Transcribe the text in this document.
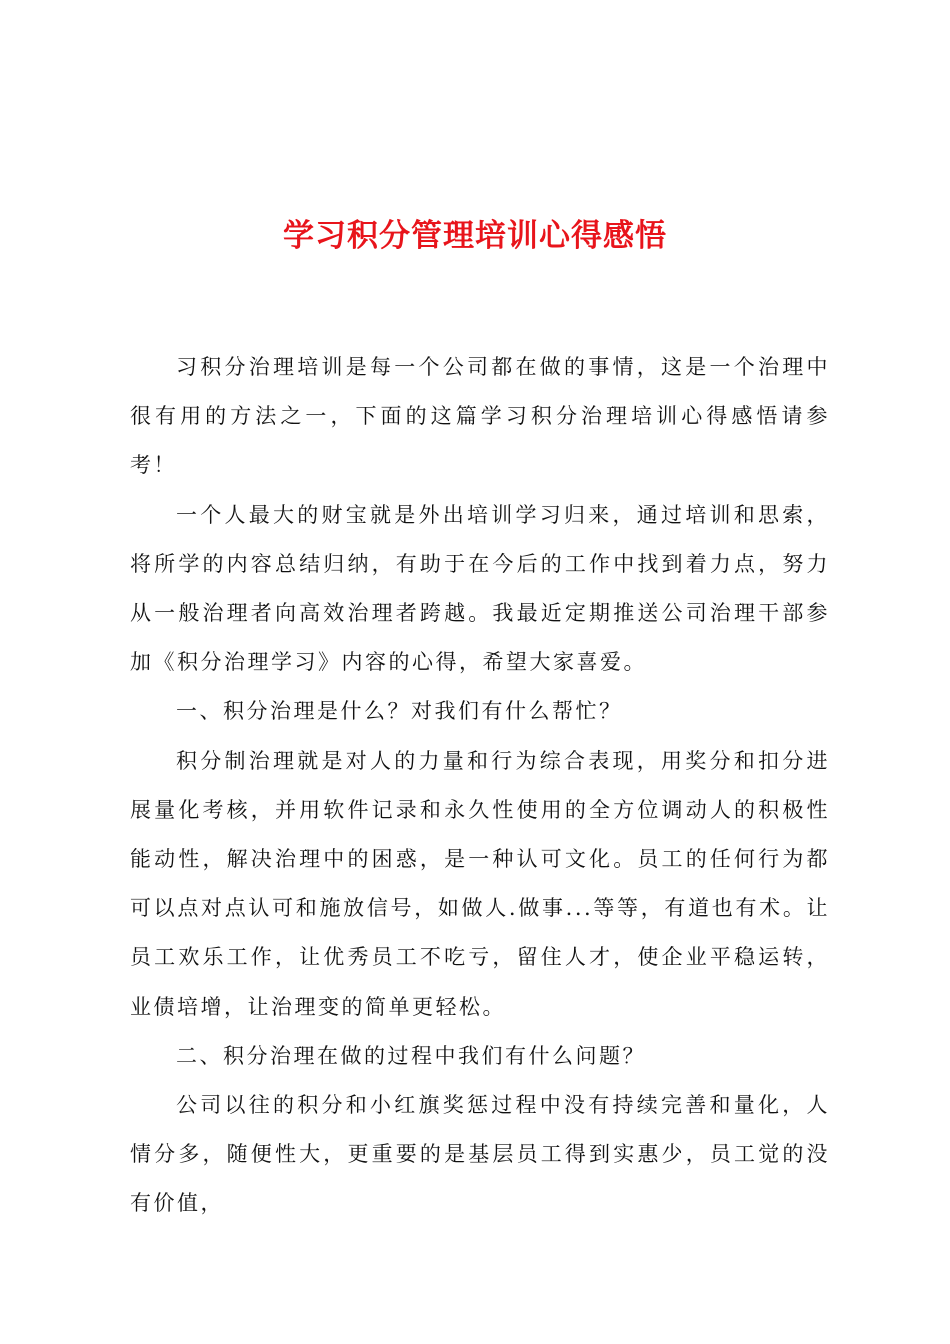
学习积分管理培训心得感悟

习积分治理培训是每一个公司都在做的事情，这是一个治理中很有用的方法之一，下面的这篇学习积分治理培训心得感悟请参考！

一个人最大的财宝就是外出培训学习归来，通过培训和思索，将所学的内容总结归纳，有助于在今后的工作中找到着力点，努力从一般治理者向高效治理者跨越。我最近定期推送公司治理干部参加《积分治理学习》内容的心得，希望大家喜爱。

一、积分治理是什么？对我们有什么帮忙？

积分制治理就是对人的力量和行为综合表现，用奖分和扣分进展量化考核，并用软件记录和永久性使用的全方位调动人的积极性能动性，解决治理中的困惑，是一种认可文化。员工的任何行为都可以点对点认可和施放信号，如做人.做事...等等，有道也有术。让员工欢乐工作，让优秀员工不吃亏，留住人才，使企业平稳运转，业债培增，让治理变的简单更轻松。

二、积分治理在做的过程中我们有什么问题？

公司以往的积分和小红旗奖惩过程中没有持续完善和量化，人情分多，随便性大，更重要的是基层员工得到实惠少，员工觉的没有价值，
